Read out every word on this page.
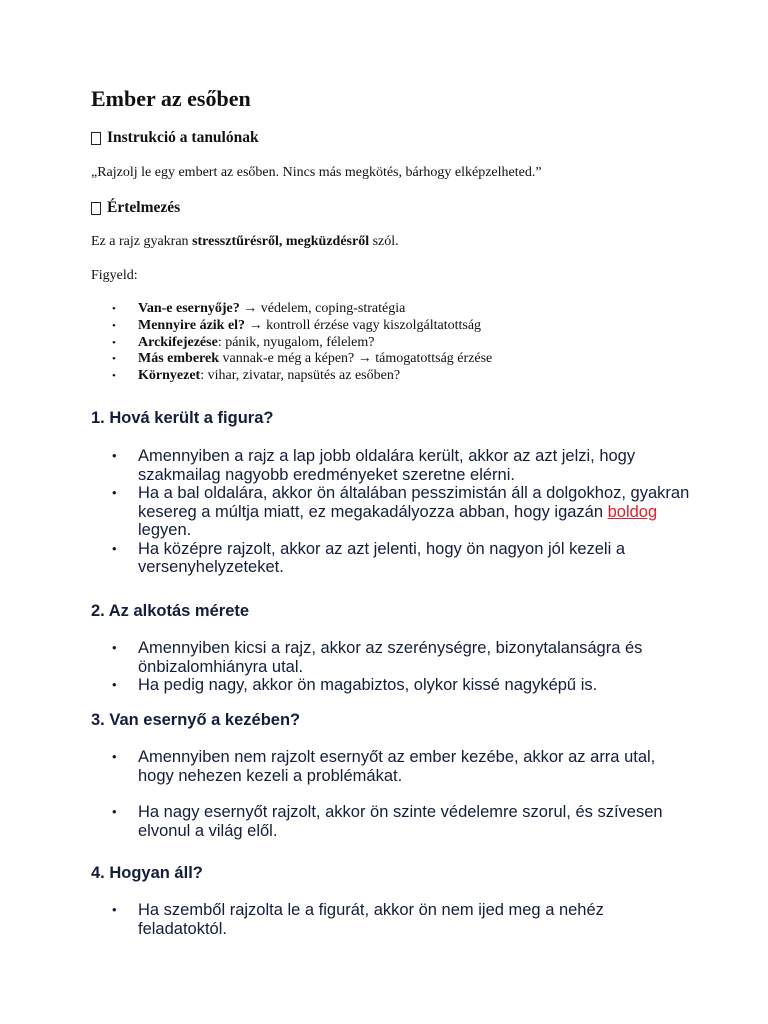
Ember az esőben
Instrukció a tanulónak

„Rajzolj le egy embert az esőben. Nincs más megkötés, bárhogy elképzelheted.”

Értelmezés

Ez a rajz gyakran stressztűrésről, megküzdésről szól.

Figyeld:

• Van-e esernyője? → védelem, coping-stratégia
• Mennyire ázik el? → kontroll érzése vagy kiszolgáltatottság
• Arckifejezése: pánik, nyugalom, félelem?
• Más emberek vannak-e még a képen? → támogatottság érzése
• Környezet: vihar, zivatar, napsütés az esőben?
1. Hová került a figura?
• Amennyiben a rajz a lap jobb oldalára került, akkor az azt jelzi, hogy szakmailag nagyobb eredményeket szeretne elérni.
• Ha a bal oldalára, akkor ön általában pesszimistán áll a dolgokhoz, gyakran kesereg a múltja miatt, ez megakadályozza abban, hogy igazán boldog legyen.
• Ha középre rajzolt, akkor az azt jelenti, hogy ön nagyon jól kezeli a versenyhelyzeteket.
2. Az alkotás mérete
• Amennyiben kicsi a rajz, akkor az szerénységre, bizonytalanságra és önbizalomhiányra utal.
• Ha pedig nagy, akkor ön magabiztos, olykor kissé nagyképű is.
3. Van esernyő a kezében?
• Amennyiben nem rajzolt esernyőt az ember kezébe, akkor az arra utal, hogy nehezen kezeli a problémákat.
• Ha nagy esernyőt rajzolt, akkor ön szinte védelemre szorul, és szívesen elvonul a világ elől.
4. Hogyan áll?
• Ha szemből rajzolta le a figurát, akkor ön nem ijed meg a nehéz feladatoktól.
